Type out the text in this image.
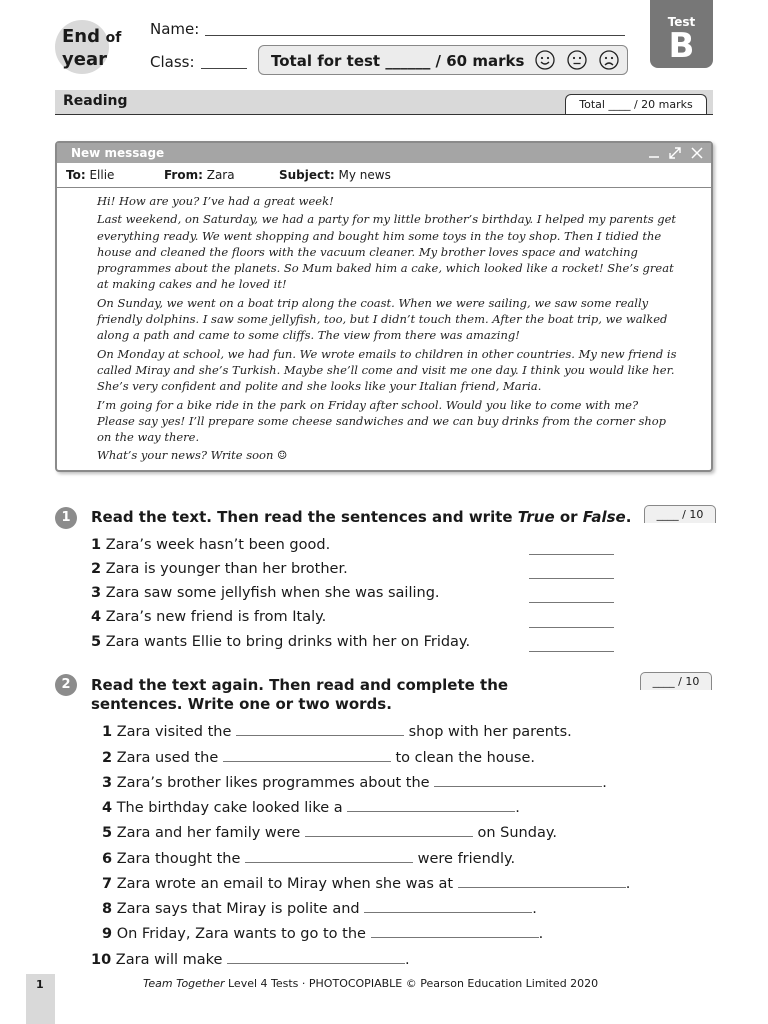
End of
year
Name:
Class:	Total for test ______ / 60 marks
Test
B
Reading	Total ____ / 20 marks
New message
To: Ellie	From: Zara	Subject: My news

Hi! How are you? I’ve had a great week!

Last weekend, on Saturday, we had a party for my little brother’s birthday. I helped my parents get everything ready. We went shopping and bought him some toys in the toy shop. Then I tidied the house and cleaned the floors with the vacuum cleaner. My brother loves space and watching programmes about the planets. So Mum baked him a cake, which looked like a rocket! She’s great at making cakes and he loved it!

On Sunday, we went on a boat trip along the coast. When we were sailing, we saw some really friendly dolphins. I saw some jellyfish, too, but I didn’t touch them. After the boat trip, we walked along a path and came to some cliffs. The view from there was amazing!

On Monday at school, we had fun. We wrote emails to children in other countries. My new friend is called Miray and she’s Turkish. Maybe she’ll come and visit me one day. I think you would like her. She’s very confident and polite and she looks like your Italian friend, Maria.

I’m going for a bike ride in the park on Friday after school. Would you like to come with me? Please say yes! I’ll prepare some cheese sandwiches and we can buy drinks from the corner shop on the way there.

What’s your news? Write soon ☺

1	Read the text. Then read the sentences and write True or False.	____ / 10
1 Zara’s week hasn’t been good.
2 Zara is younger than her brother.
3 Zara saw some jellyfish when she was sailing.
4 Zara’s new friend is from Italy.
5 Zara wants Ellie to bring drinks with her on Friday.
2	Read the text again. Then read and complete the
sentences. Write one or two words.
____ / 10
1 Zara visited the	shop with her parents.
2 Zara used the	to clean the house.
3 Zara’s brother likes programmes about the	.
4 The birthday cake looked like a	.
5 Zara and her family were	on Sunday.
6 Zara thought the	were friendly.
7 Zara wrote an email to Miray when she was at	.
8 Zara says that Miray is polite and	.
9 On Friday, Zara wants to go to the	.
10 Zara will make	.
1	Team Together Level 4 Tests · PHOTOCOPIABLE © Pearson Education Limited 2020
